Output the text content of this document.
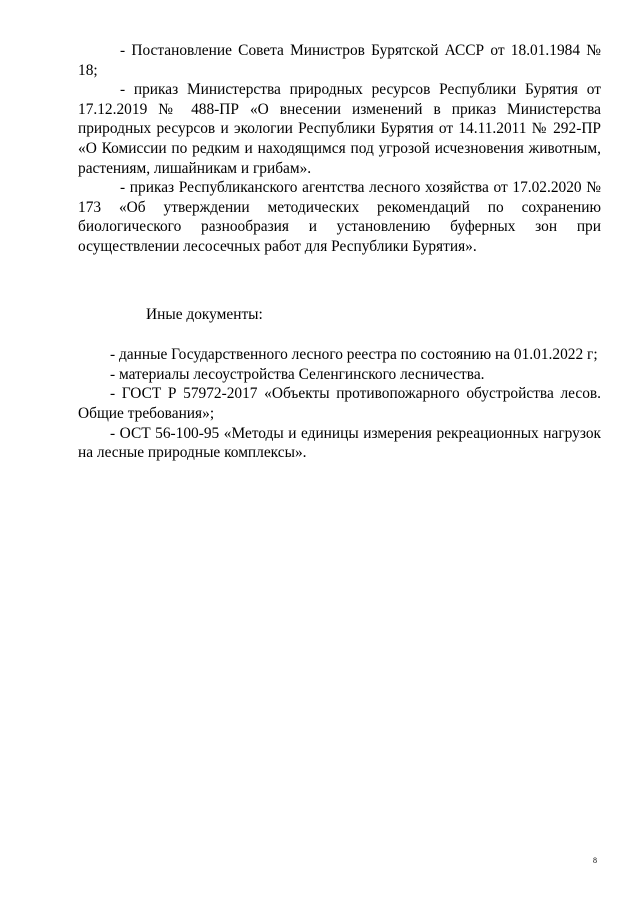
- Постановление Совета Министров Бурятской АССР от 18.01.1984 № 18;

- приказ Министерства природных ресурсов Республики Бурятия от 17.12.2019 № 488-ПР «О внесении изменений в приказ Министерства природных ресурсов и экологии Республики Бурятия от 14.11.2011 № 292-ПР «О Комиссии по редким и находящимся под угрозой исчезновения животным, растениям, лишайникам и грибам».

- приказ Республиканского агентства лесного хозяйства от 17.02.2020 № 173 «Об утверждении методических рекомендаций по сохранению биологического разнообразия и установлению буферных зон при осуществлении лесосечных работ для Республики Бурятия».

Иные документы:

- данные Государственного лесного реестра по состоянию на 01.01.2022 г;

- материалы лесоустройства Селенгинского лесничества.

- ГОСТ Р 57972-2017 «Объекты противопожарного обустройства лесов. Общие требования»;

- ОСТ 56-100-95 «Методы и единицы измерения рекреационных нагрузок на лесные природные комплексы».

8
